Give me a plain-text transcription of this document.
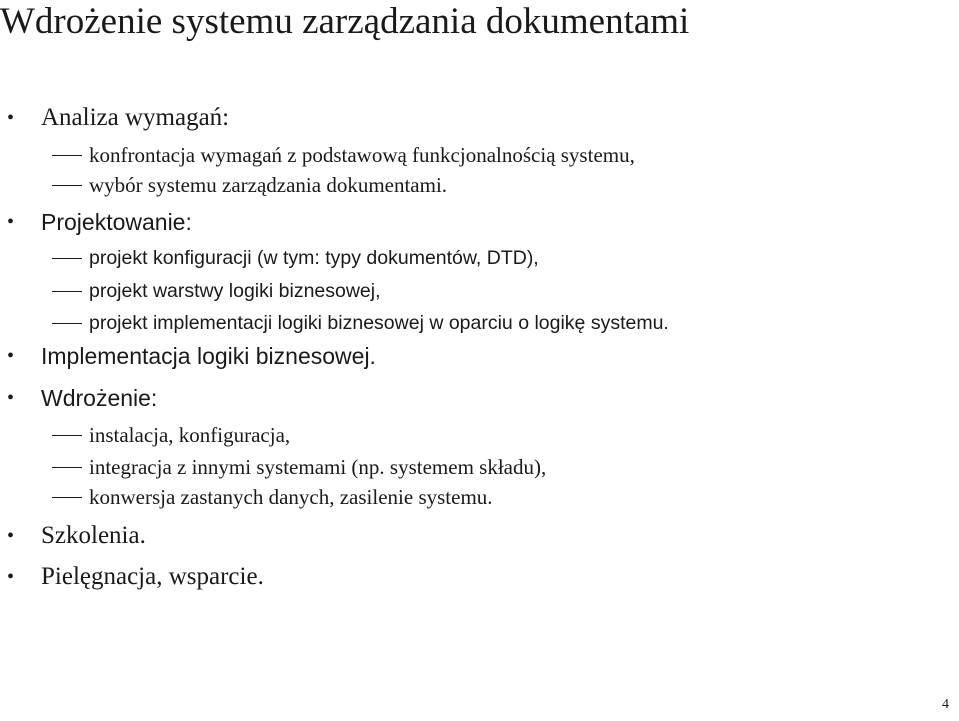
Wdrożenie systemu zarządzania dokumentami
• Analiza wymagań:
konfrontacja wymagań z podstawową funkcjonalnością systemu,
wybór systemu zarządzania dokumentami.
• Projektowanie:
projekt konfiguracji (w tym: typy dokumentów, DTD),
projekt warstwy logiki biznesowej,
projekt implementacji logiki biznesowej w oparciu o logikę systemu.
• Implementacja logiki biznesowej.
• Wdrożenie:
instalacja, konfiguracja,
integracja z innymi systemami (np. systemem składu),
konwersja zastanych danych, zasilenie systemu.
• Szkolenia.
• Pielęgnacja, wsparcie.
4
